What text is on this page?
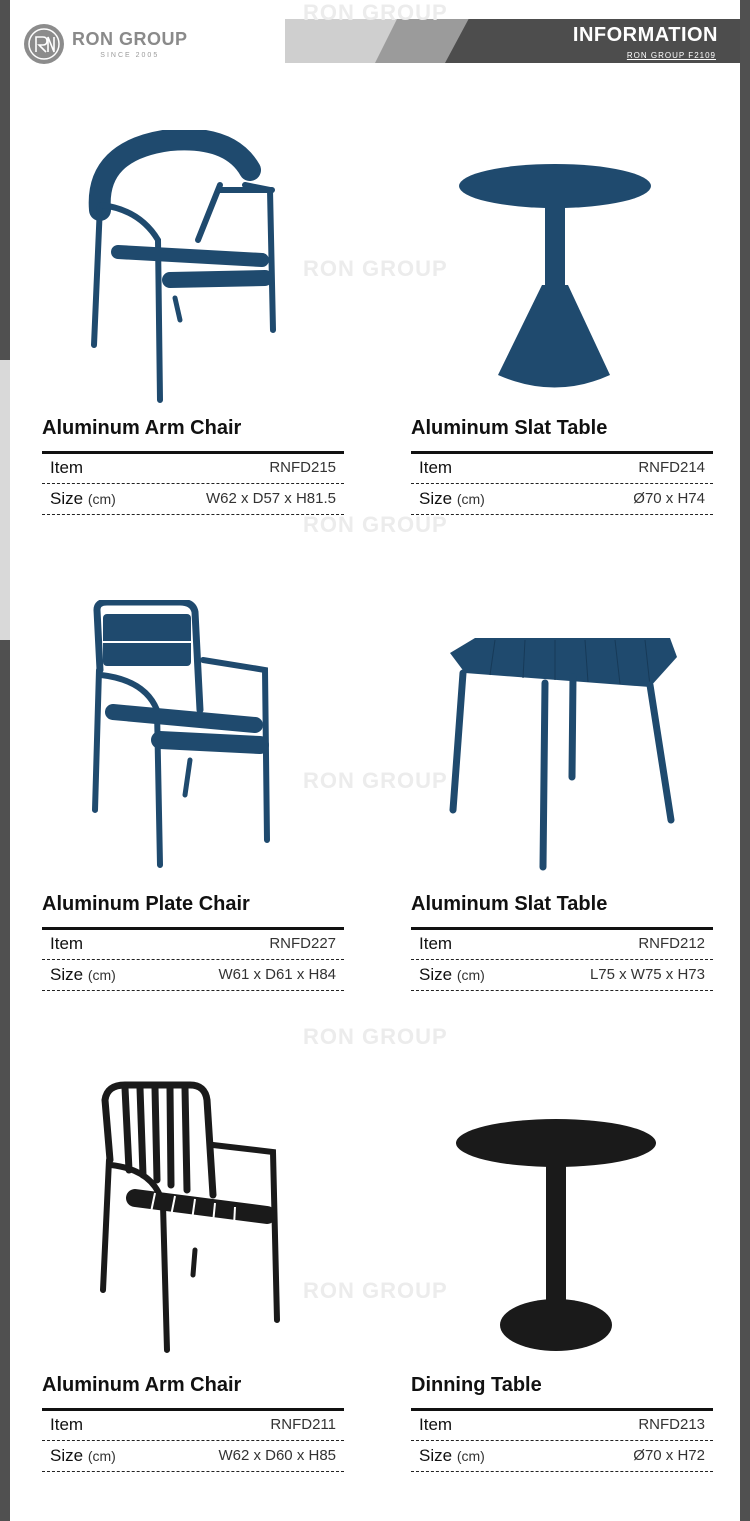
RON GROUP
SINCE 2005
INFORMATION
RON GROUP F2109
RON GROUP
RON GROUP
RON GROUP
RON GROUP
RON GROUP
RON GROUP
Aluminum Arm Chair
Item	RNFD215
Size (cm)	W62 x D57 x H81.5
Aluminum Slat Table
Item	RNFD214
Size (cm)	Ø70 x H74
Aluminum Plate Chair
Item	RNFD227
Size (cm)	W61 x D61 x H84
Aluminum Slat Table
Item	RNFD212
Size (cm)	L75 x W75 x H73
Aluminum Arm Chair
Item	RNFD211
Size (cm)	W62 x D60 x H85
Dinning Table
Item	RNFD213
Size (cm)	Ø70 x H72
